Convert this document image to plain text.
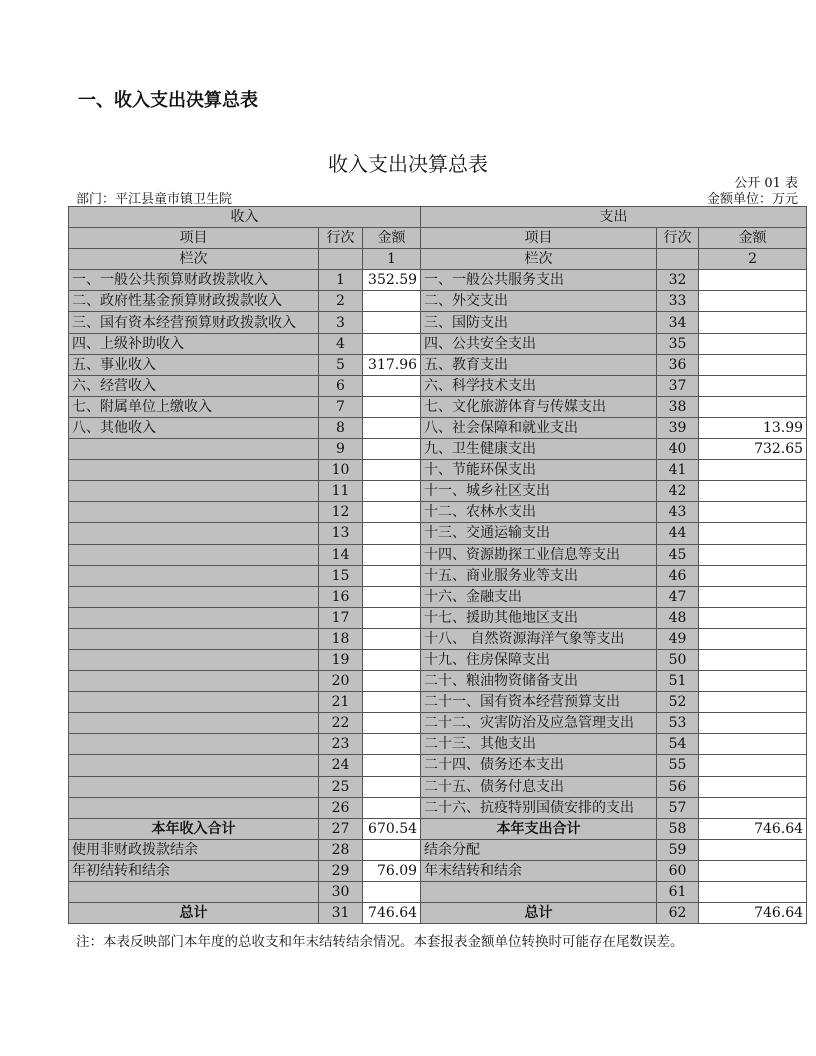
一、收入支出决算总表
收入支出决算总表
公开 01 表
部门：平江县童市镇卫生院	金额单位：万元
收入			支出		
项目	行次	金额	项目	行次	金额
栏次		1	栏次		2
一、一般公共预算财政拨款收入	1	352.59	一、一般公共服务支出	32	
二、政府性基金预算财政拨款收入	2		二、外交支出	33	
三、国有资本经营预算财政拨款收入	3		三、国防支出	34	
四、上级补助收入	4		四、公共安全支出	35	
五、事业收入	5	317.96	五、教育支出	36	
六、经营收入	6		六、科学技术支出	37	
七、附属单位上缴收入	7		七、文化旅游体育与传媒支出	38	
八、其他收入	8		八、社会保障和就业支出	39	13.99
	9		九、卫生健康支出	40	732.65
	10		十、节能环保支出	41	
	11		十一、城乡社区支出	42	
	12		十二、农林水支出	43	
	13		十三、交通运输支出	44	
	14		十四、资源勘探工业信息等支出	45	
	15		十五、商业服务业等支出	46	
	16		十六、金融支出	47	
	17		十七、援助其他地区支出	48	
	18		十八、 自然资源海洋气象等支出	49	
	19		十九、住房保障支出	50	
	20		二十、粮油物资储备支出	51	
	21		二十一、国有资本经营预算支出	52	
	22		二十二、灾害防治及应急管理支出	53	
	23		二十三、其他支出	54	
	24		二十四、债务还本支出	55	
	25		二十五、债务付息支出	56	
	26		二十六、抗疫特别国债安排的支出	57	
本年收入合计	27	670.54	本年支出合计	58	746.64
使用非财政拨款结余	28		结余分配	59	
年初结转和结余	29	76.09	年末结转和结余	60	
	30			61	
总计	31	746.64	总计	62	746.64
注：本表反映部门本年度的总收支和年末结转结余情况。本套报表金额单位转换时可能存在尾数误差。
